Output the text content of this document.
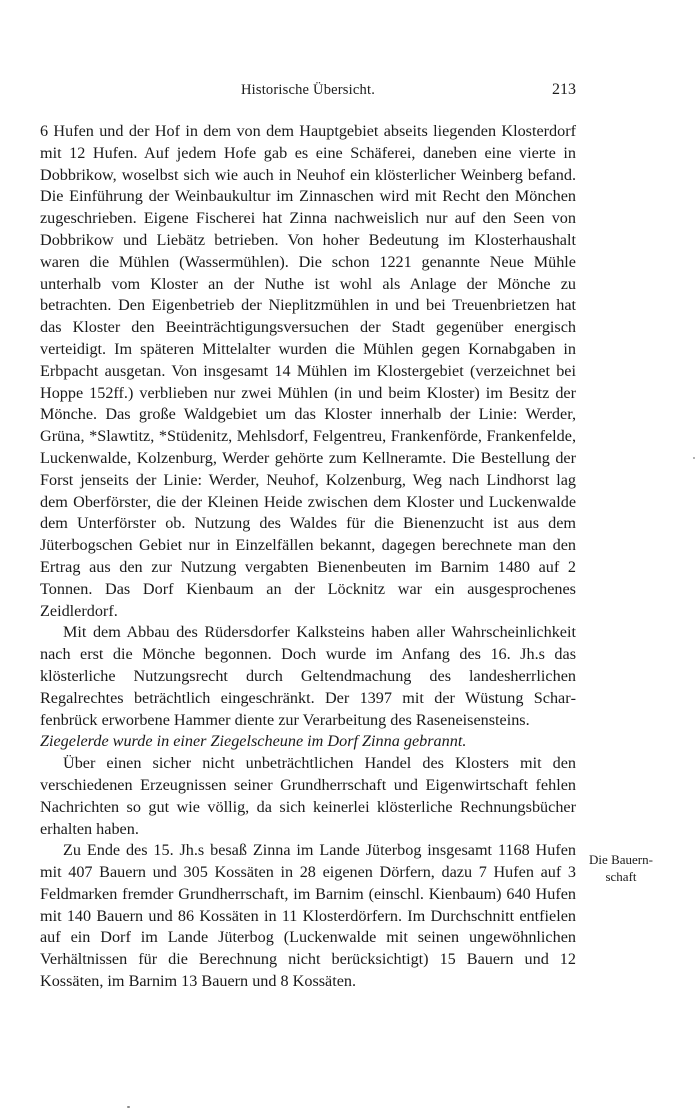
Historische Übersicht.	213

6 Hufen und der Hof in dem von dem Hauptgebiet abseits liegenden Klosterdorf mit 12 Hufen. Auf jedem Hofe gab es eine Schäferei, daneben eine vierte in Dobbrikow, woselbst sich wie auch in Neuhof ein klösterlicher Weinberg befand. Die Einführung der Weinbaukultur im Zinnaschen wird mit Recht den Mönchen zugeschrieben. Eigene Fischerei hat Zinna nachweislich nur auf den Seen von Dobbrikow und Liebätz betrieben. Von hoher Bedeutung im Klosterhaushalt waren die Mühlen (Wassermühlen). Die schon 1221 genannte Neue Mühle unterhalb vom Kloster an der Nuthe ist wohl als Anlage der Mönche zu betrachten. Den Eigenbetrieb der Nieplitzmühlen in und bei Treuenbrietzen hat das Kloster den Beeinträchtigungsversuchen der Stadt gegenüber energisch verteidigt. Im späteren Mittelalter wurden die Mühlen gegen Kornabgaben in Erbpacht ausgetan. Von insgesamt 14 Mühlen im Klostergebiet (verzeichnet bei Hoppe 152ff.) verblieben nur zwei Mühlen (in und beim Kloster) im Besitz der Mönche. Das große Waldgebiet um das Kloster innerhalb der Linie: Werder, Grüna, *Slawtitz, *Stüdenitz, Mehlsdorf, Felgentreu, Frankenförde, Frankenfelde, Luckenwalde, Kolzenburg, Werder gehörte zum Kellneramte. Die Bestellung der Forst jenseits der Linie: Werder, Neuhof, Kolzenburg, Weg nach Lindhorst lag dem Oberförster, die der Kleinen Heide zwischen dem Kloster und Luckenwalde dem Unterförster ob. Nutzung des Waldes für die Bienenzucht ist aus dem Jüterbogschen Gebiet nur in Einzelfällen bekannt, dagegen berechnete man den Ertrag aus den zur Nutzung vergabten Bienenbeuten im Barnim 1480 auf 2 Tonnen. Das Dorf Kienbaum an der Löcknitz war ein ausgesprochenes Zeidlerdorf.

Mit dem Abbau des Rüdersdorfer Kalksteins haben aller Wahrscheinlichkeit nach erst die Mönche begonnen. Doch wurde im Anfang des 16. Jh.s das klösterliche Nutzungsrecht durch Geltendmachung des landesherrlichen Regalrechtes beträchtlich eingeschränkt. Der 1397 mit der Wüstung Scharfenbrück erworbene Hammer diente zur Verarbeitung des Raseneisensteins.

Ziegelerde wurde in einer Ziegelscheune im Dorf Zinna gebrannt.

Über einen sicher nicht unbeträchtlichen Handel des Klosters mit den verschiedenen Erzeugnissen seiner Grundherrschaft und Eigenwirtschaft fehlen Nachrichten so gut wie völlig, da sich keinerlei klösterliche Rechnungsbücher erhalten haben.

Zu Ende des 15. Jh.s besaß Zinna im Lande Jüterbog insgesamt 1168 Hufen mit 407 Bauern und 305 Kossäten in 28 eigenen Dörfern, dazu 7 Hufen auf 3 Feldmarken fremder Grundherrschaft, im Barnim (einschl. Kienbaum) 640 Hufen mit 140 Bauern und 86 Kossäten in 11 Klosterdörfern. Im Durchschnitt entfielen auf ein Dorf im Lande Jüterbog (Luckenwalde mit seinen ungewöhnlichen Verhältnissen für die Berechnung nicht berücksichtigt) 15 Bauern und 12 Kossäten, im Barnim 13 Bauern und 8 Kossäten.

Die Bauernschaft
